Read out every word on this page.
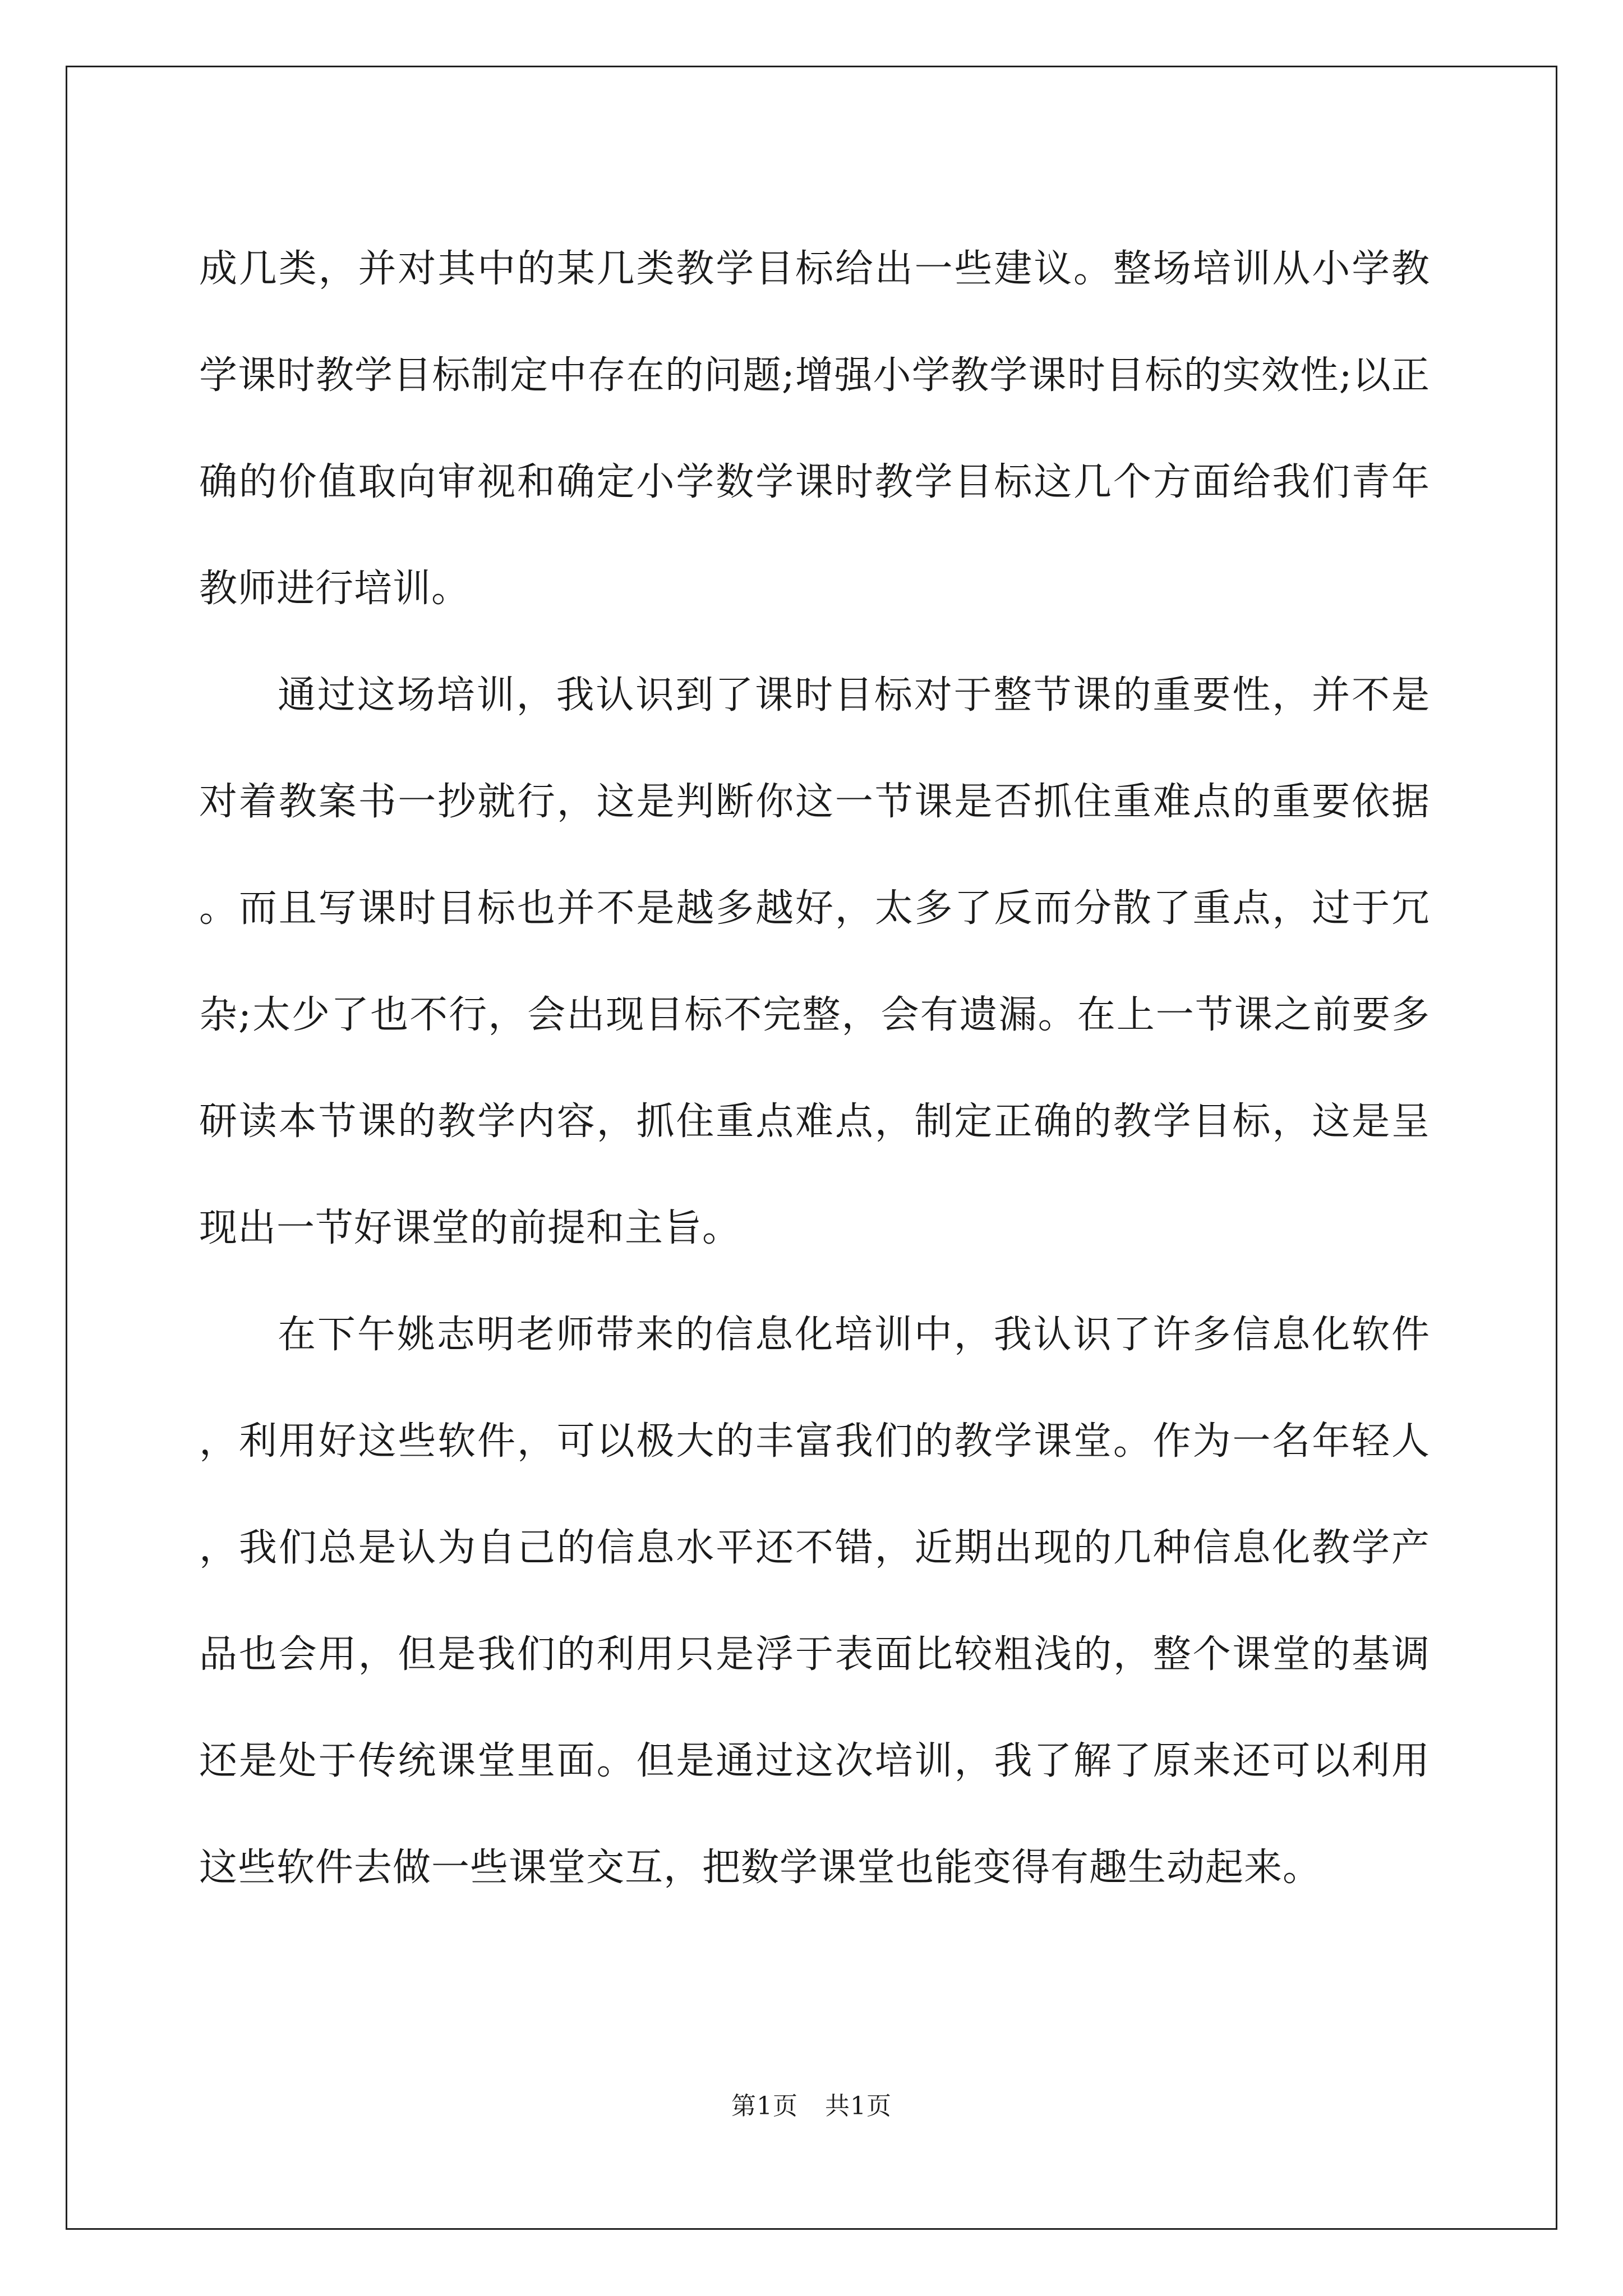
成几类，并对其中的某几类教学目标给出一些建议。整场培训从小学教学课时教学目标制定中存在的问题;增强小学教学课时目标的实效性;以正确的价值取向审视和确定小学数学课时教学目标这几个方面给我们青年教师进行培训。

通过这场培训，我认识到了课时目标对于整节课的重要性，并不是对着教案书一抄就行，这是判断你这一节课是否抓住重难点的重要依据。而且写课时目标也并不是越多越好，太多了反而分散了重点，过于冗杂;太少了也不行，会出现目标不完整，会有遗漏。在上一节课之前要多研读本节课的教学内容，抓住重点难点，制定正确的教学目标，这是呈现出一节好课堂的前提和主旨。

在下午姚志明老师带来的信息化培训中，我认识了许多信息化软件，利用好这些软件，可以极大的丰富我们的教学课堂。作为一名年轻人，我们总是认为自己的信息水平还不错，近期出现的几种信息化教学产品也会用，但是我们的利用只是浮于表面比较粗浅的，整个课堂的基调还是处于传统课堂里面。但是通过这次培训，我了解了原来还可以利用这些软件去做一些课堂交互，把数学课堂也能变得有趣生动起来。

第1页 共1页
